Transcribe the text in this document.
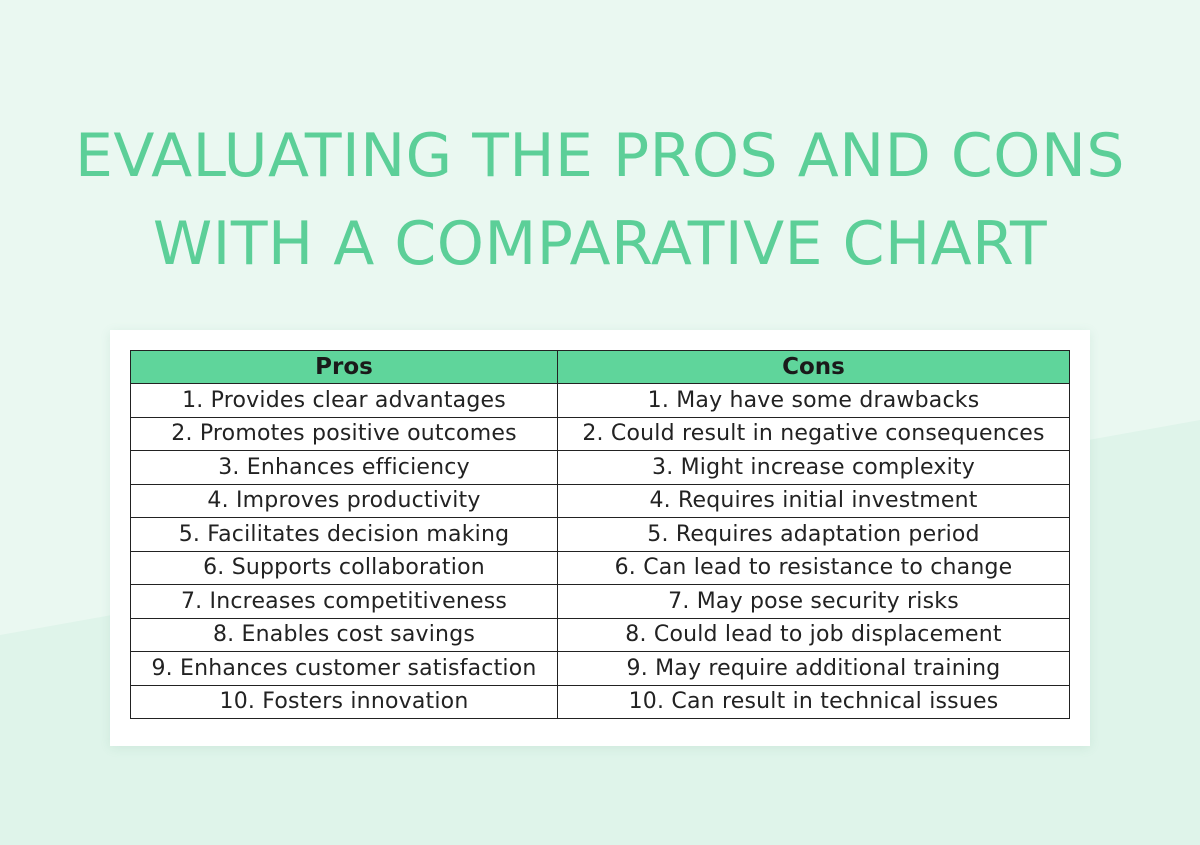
EVALUATING THE PROS AND CONS
WITH A COMPARATIVE CHART
Pros	Cons
1. Provides clear advantages	1. May have some drawbacks
2. Promotes positive outcomes	2. Could result in negative consequences
3. Enhances efficiency	3. Might increase complexity
4. Improves productivity	4. Requires initial investment
5. Facilitates decision making	5. Requires adaptation period
6. Supports collaboration	6. Can lead to resistance to change
7. Increases competitiveness	7. May pose security risks
8. Enables cost savings	8. Could lead to job displacement
9. Enhances customer satisfaction	9. May require additional training
10. Fosters innovation	10. Can result in technical issues
